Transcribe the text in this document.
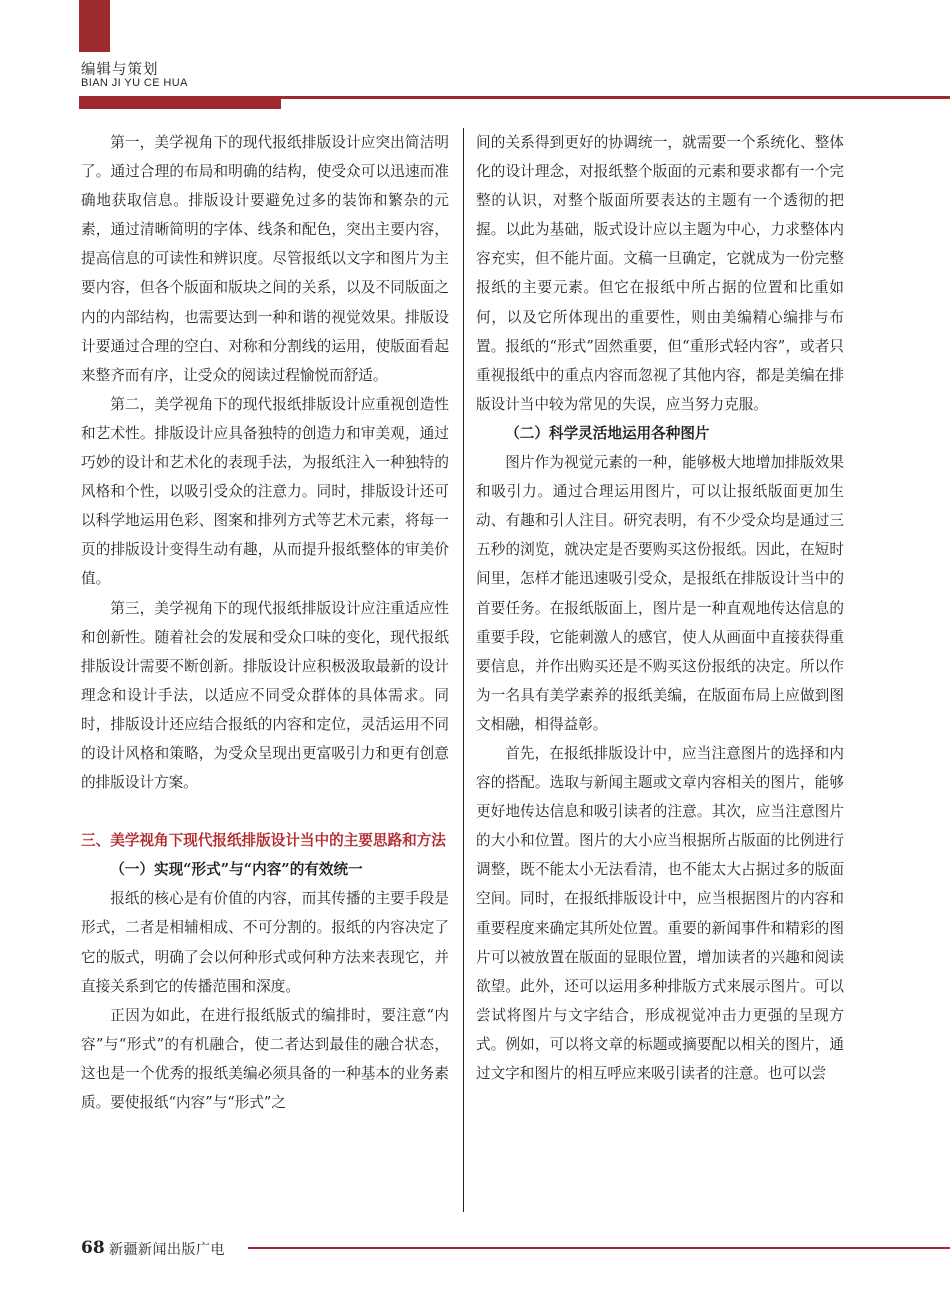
编辑与策划
BIAN JI YU CE HUA

第一，美学视角下的现代报纸排版设计应突出简洁明了。通过合理的布局和明确的结构，使受众可以迅速而准确地获取信息。排版设计要避免过多的装饰和繁杂的元素，通过清晰简明的字体、线条和配色，突出主要内容，提高信息的可读性和辨识度。尽管报纸以文字和图片为主要内容，但各个版面和版块之间的关系，以及不同版面之内的内部结构，也需要达到一种和谐的视觉效果。排版设计要通过合理的空白、对称和分割线的运用，使版面看起来整齐而有序，让受众的阅读过程愉悦而舒适。

第二，美学视角下的现代报纸排版设计应重视创造性和艺术性。排版设计应具备独特的创造力和审美观，通过巧妙的设计和艺术化的表现手法，为报纸注入一种独特的风格和个性，以吸引受众的注意力。同时，排版设计还可以科学地运用色彩、图案和排列方式等艺术元素，将每一页的排版设计变得生动有趣，从而提升报纸整体的审美价值。

第三，美学视角下的现代报纸排版设计应注重适应性和创新性。随着社会的发展和受众口味的变化，现代报纸排版设计需要不断创新。排版设计应积极汲取最新的设计理念和设计手法，以适应不同受众群体的具体需求。同时，排版设计还应结合报纸的内容和定位，灵活运用不同的设计风格和策略，为受众呈现出更富吸引力和更有创意的排版设计方案。

三、美学视角下现代报纸排版设计当中的主要思路和方法
（一）实现“形式”与“内容”的有效统一

报纸的核心是有价值的内容，而其传播的主要手段是形式，二者是相辅相成、不可分割的。报纸的内容决定了它的版式，明确了会以何种形式或何种方法来表现它，并直接关系到它的传播范围和深度。

正因为如此，在进行报纸版式的编排时，要注意“内容”与“形式”的有机融合，使二者达到最佳的融合状态，这也是一个优秀的报纸美编必须具备的一种基本的业务素质。要使报纸“内容”与“形式”之

间的关系得到更好的协调统一，就需要一个系统化、整体化的设计理念，对报纸整个版面的元素和要求都有一个完整的认识，对整个版面所要表达的主题有一个透彻的把握。以此为基础，版式设计应以主题为中心，力求整体内容充实，但不能片面。文稿一旦确定，它就成为一份完整报纸的主要元素。但它在报纸中所占据的位置和比重如何，以及它所体现出的重要性，则由美编精心编排与布置。报纸的“形式”固然重要，但“重形式轻内容”，或者只重视报纸中的重点内容而忽视了其他内容，都是美编在排版设计当中较为常见的失误，应当努力克服。

（二）科学灵活地运用各种图片

图片作为视觉元素的一种，能够极大地增加排版效果和吸引力。通过合理运用图片，可以让报纸版面更加生动、有趣和引人注目。研究表明，有不少受众均是通过三五秒的浏览，就决定是否要购买这份报纸。因此，在短时间里，怎样才能迅速吸引受众，是报纸在排版设计当中的首要任务。在报纸版面上，图片是一种直观地传达信息的重要手段，它能刺激人的感官，使人从画面中直接获得重要信息，并作出购买还是不购买这份报纸的决定。所以作为一名具有美学素养的报纸美编，在版面布局上应做到图文相融，相得益彰。

首先，在报纸排版设计中，应当注意图片的选择和内容的搭配。选取与新闻主题或文章内容相关的图片，能够更好地传达信息和吸引读者的注意。其次，应当注意图片的大小和位置。图片的大小应当根据所占版面的比例进行调整，既不能太小无法看清，也不能太大占据过多的版面空间。同时，在报纸排版设计中，应当根据图片的内容和重要程度来确定其所处位置。重要的新闻事件和精彩的图片可以被放置在版面的显眼位置，增加读者的兴趣和阅读欲望。此外，还可以运用多种排版方式来展示图片。可以尝试将图片与文字结合，形成视觉冲击力更强的呈现方式。例如，可以将文章的标题或摘要配以相关的图片，通过文字和图片的相互呼应来吸引读者的注意。也可以尝

68 新疆新闻出版广电
